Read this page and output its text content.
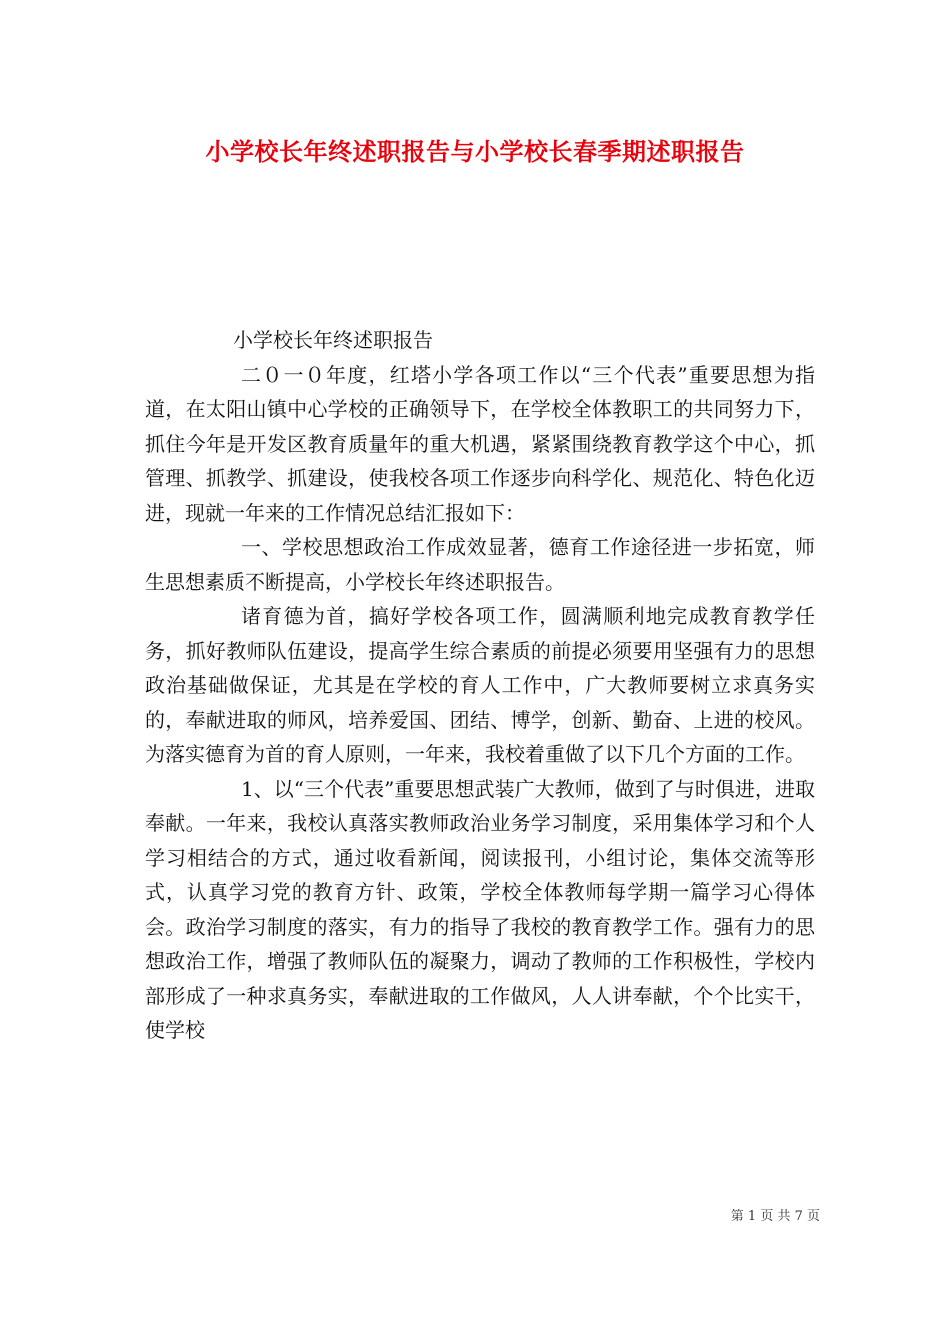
小学校长年终述职报告与小学校长春季期述职报告

小学校长年终述职报告

二０一０年度，红塔小学各项工作以“三个代表”重要思想为指道，在太阳山镇中心学校的正确领导下，在学校全体教职工的共同努力下，抓住今年是开发区教育质量年的重大机遇，紧紧围绕教育教学这个中心，抓管理、抓教学、抓建设，使我校各项工作逐步向科学化、规范化、特色化迈进，现就一年来的工作情况总结汇报如下：

一、学校思想政治工作成效显著，德育工作途径进一步拓宽，师生思想素质不断提高，小学校长年终述职报告。

诸育德为首，搞好学校各项工作，圆满顺利地完成教育教学任务，抓好教师队伍建设，提高学生综合素质的前提必须要用坚强有力的思想政治基础做保证，尤其是在学校的育人工作中，广大教师要树立求真务实的，奉献进取的师风，培养爱国、团结、博学，创新、勤奋、上进的校风。为落实德育为首的育人原则，一年来，我校着重做了以下几个方面的工作。

1、以“三个代表”重要思想武装广大教师，做到了与时俱进，进取奉献。一年来，我校认真落实教师政治业务学习制度，采用集体学习和个人学习相结合的方式，通过收看新闻，阅读报刊，小组讨论，集体交流等形式，认真学习党的教育方针、政策，学校全体教师每学期一篇学习心得体会。政治学习制度的落实，有力的指导了我校的教育教学工作。强有力的思想政治工作，增强了教师队伍的凝聚力，调动了教师的工作积极性，学校内部形成了一种求真务实，奉献进取的工作做风，人人讲奉献，个个比实干，使学校

第 1 页 共 7 页
